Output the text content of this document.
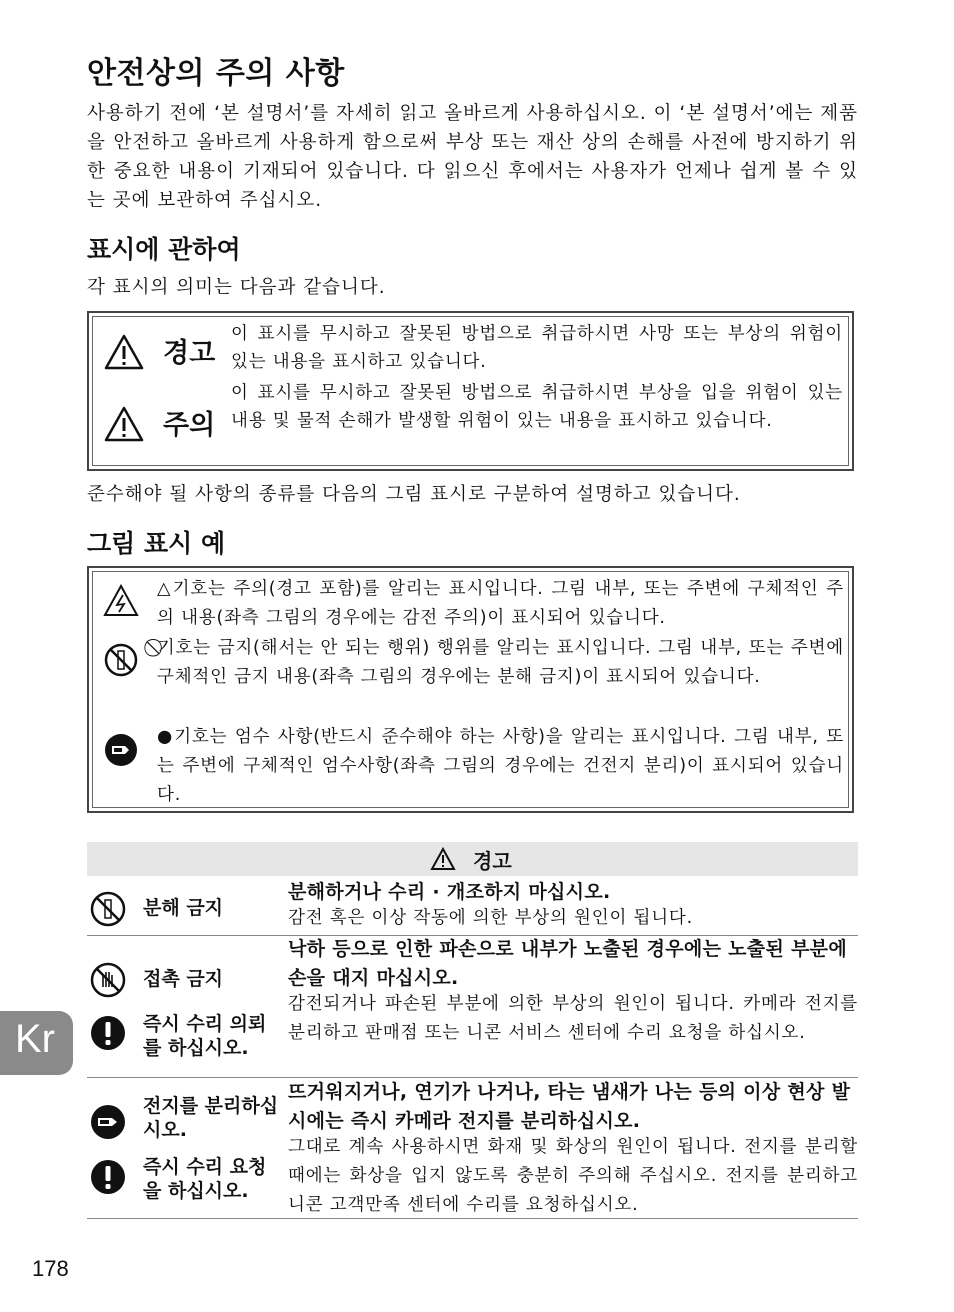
안전상의 주의 사항
사용하기 전에 ‘본 설명서’를 자세히 읽고 올바르게 사용하십시오. 이 ‘본 설명서’에는 제품을 안전하고 올바르게 사용하게 함으로써 부상 또는 재산 상의 손해를 사전에 방지하기 위한 중요한 내용이 기재되어 있습니다. 다 읽으신 후에서는 사용자가 언제나 쉽게 볼 수 있는 곳에 보관하여 주십시오.
표시에 관하여
각 표시의 의미는 다음과 같습니다.
경고
이 표시를 무시하고 잘못된 방법으로 취급하시면 사망 또는 부상의 위험이 있는 내용을 표시하고 있습니다.
주의
이 표시를 무시하고 잘못된 방법으로 취급하시면 부상을 입을 위험이 있는 내용 및 물적 손해가 발생할 위험이 있는 내용을 표시하고 있습니다.
준수해야 될 사항의 종류를 다음의 그림 표시로 구분하여 설명하고 있습니다.
그림 표시 예
△기호는 주의(경고 포함)를 알리는 표시입니다. 그림 내부, 또는 주변에 구체적인 주의 내용(좌측 그림의 경우에는 감전 주의)이 표시되어 있습니다.
⃠기호는 금지(해서는 안 되는 행위) 행위를 알리는 표시입니다. 그림 내부, 또는 주변에 구체적인 금지 내용(좌측 그림의 경우에는 분해 금지)이 표시되어 있습니다.
●기호는 엄수 사항(반드시 준수해야 하는 사항)을 알리는 표시입니다. 그림 내부, 또는 주변에 구체적인 엄수사항(좌측 그림의 경우에는 건전지 분리)이 표시되어 있습니다.
경고
분해 금지
분해하거나 수리 · 개조하지 마십시오.
감전 혹은 이상 작동에 의한 부상의 원인이 됩니다.
접촉 금지
즉시 수리 의뢰를 하십시오.
낙하 등으로 인한 파손으로 내부가 노출된 경우에는 노출된 부분에 손을 대지 마십시오.
감전되거나 파손된 부분에 의한 부상의 원인이 됩니다. 카메라 전지를 분리하고 판매점 또는 니콘 서비스 센터에 수리 요청을 하십시오.
전지를 분리하십시오.
즉시 수리 요청을 하십시오.
뜨거워지거나, 연기가 나거나, 타는 냄새가 나는 등의 이상 현상 발시에는 즉시 카메라 전지를 분리하십시오.
그대로 계속 사용하시면 화재 및 화상의 원인이 됩니다. 전지를 분리할 때에는 화상을 입지 않도록 충분히 주의해 주십시오. 전지를 분리하고 니콘 고객만족 센터에 수리를 요청하십시오.
Kr
178
